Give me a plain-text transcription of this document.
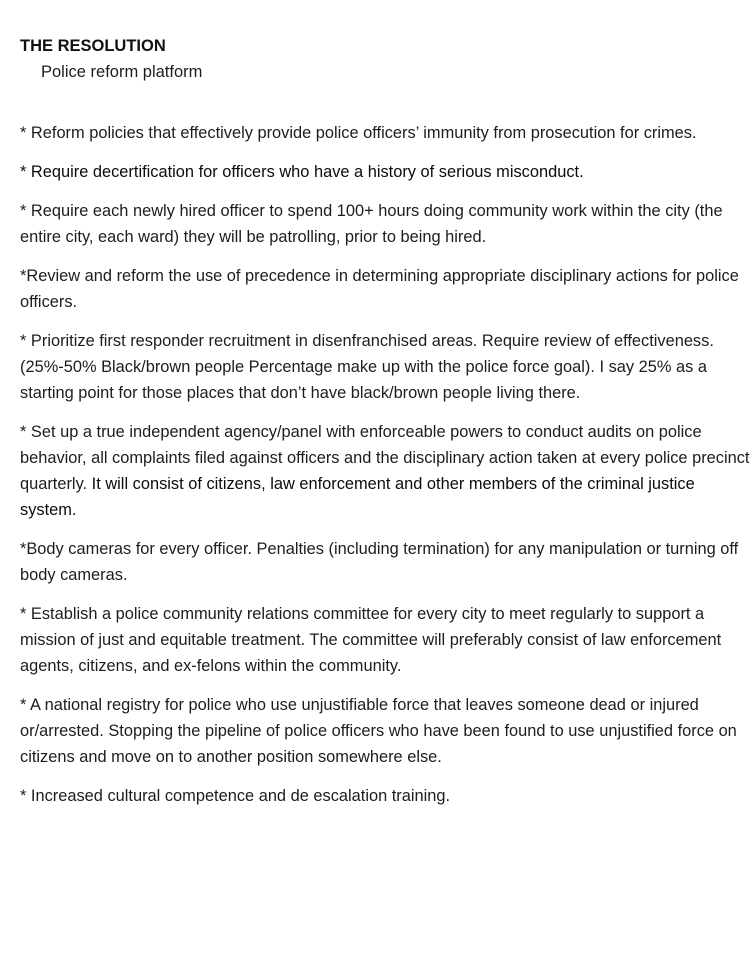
THE RESOLUTION
Police reform platform
* Reform policies that effectively provide police officers’ immunity from prosecution for crimes.
* Require decertification for officers who have a history of serious misconduct.
* Require each newly hired officer to spend 100+ hours doing community work within the city (the entire city, each ward) they will be patrolling, prior to being hired.
*Review and reform the use of precedence in determining appropriate disciplinary actions for police officers.
* Prioritize first responder recruitment in disenfranchised areas. Require review of effectiveness. (25%-50% Black/brown people Percentage make up with the police force goal). I say 25% as a starting point for those places that don’t have black/brown people living there.
* Set up a true independent agency/panel with enforceable powers to conduct audits on police behavior, all complaints filed against officers and the disciplinary action taken at every police precinct quarterly. It will consist of citizens, law enforcement and other members of the criminal justice system.
*Body cameras for every officer. Penalties (including termination) for any manipulation or turning off body cameras.
* Establish a police community relations committee for every city to meet regularly to support a mission of just and equitable treatment. The committee will preferably consist of law enforcement agents, citizens, and ex-felons within the community.
* A national registry for police who use unjustifiable force that leaves someone dead or injured or/arrested. Stopping the pipeline of police officers who have been found to use unjustified force on citizens and move on to another position somewhere else.
* Increased cultural competence and de escalation training.
